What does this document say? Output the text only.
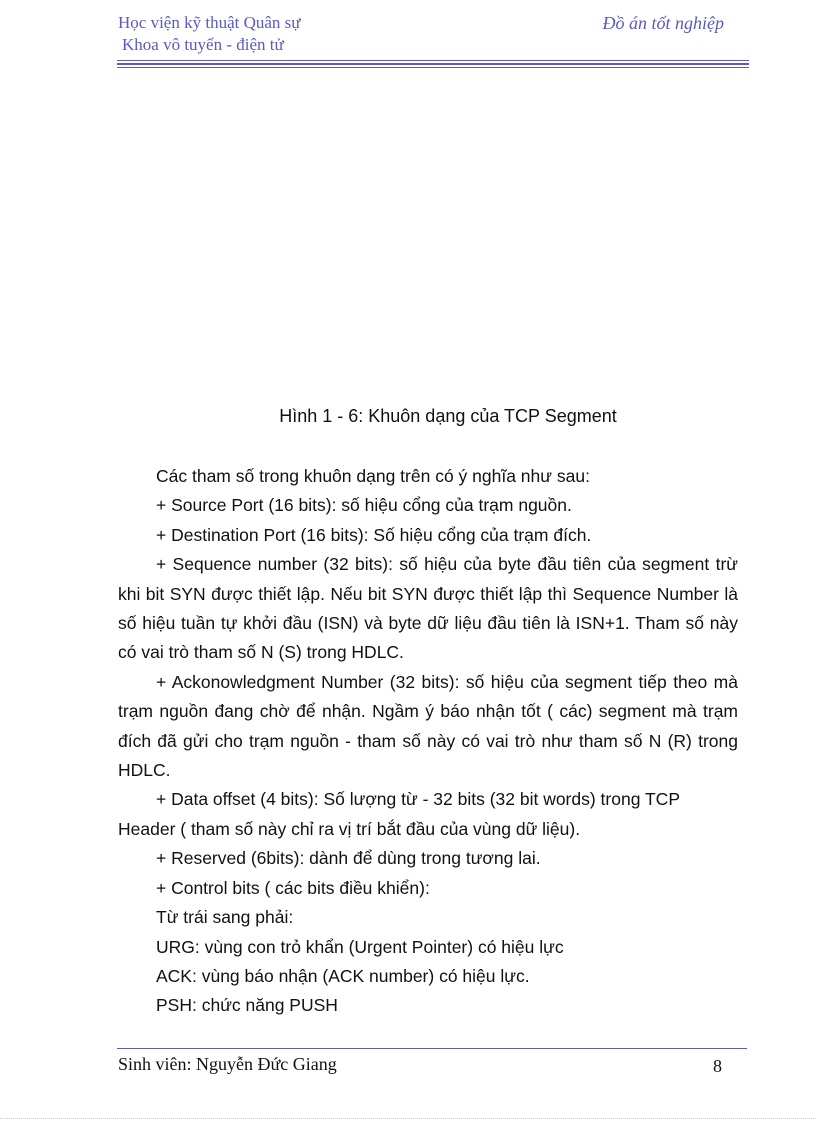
Học viện kỹ thuật Quân sự
Khoa vô tuyến - điện tử
Đồ án tốt nghiệp
Hình 1 - 6: Khuôn dạng của TCP Segment

Các tham số trong khuôn dạng trên có ý nghĩa như sau:

+ Source Port (16 bits): số hiệu cổng của trạm nguồn.

+ Destination Port (16 bits): Số hiệu cổng của trạm đích.

+ Sequence number (32 bits): số hiệu của byte đầu tiên của segment trừ khi bit SYN được thiết lập. Nếu bit SYN được thiết lập thì Sequence Number là số hiệu tuần tự khởi đầu (ISN) và byte dữ liệu đầu tiên là ISN+1. Tham số này có vai trò tham số N (S) trong HDLC.

+ Ackonowledgment Number (32 bits): số hiệu của segment tiếp theo mà trạm nguồn đang chờ để nhận. Ngầm ý báo nhận tốt ( các) segment mà trạm đích đã gửi cho trạm nguồn - tham số này có vai trò như tham số N (R) trong HDLC.

+ Data offset (4 bits): Số lượng từ - 32 bits (32 bit words) trong TCP Header ( tham số này chỉ ra vị trí bắt đầu của vùng dữ liệu).

+ Reserved (6bits): dành để dùng trong tương lai.

+ Control bits ( các bits điều khiển):

Từ trái sang phải:

URG: vùng con trỏ khẩn (Urgent Pointer) có hiệu lực

ACK: vùng báo nhận (ACK number) có hiệu lực.

PSH: chức năng PUSH

Sinh viên: Nguyễn Đức Giang	8
